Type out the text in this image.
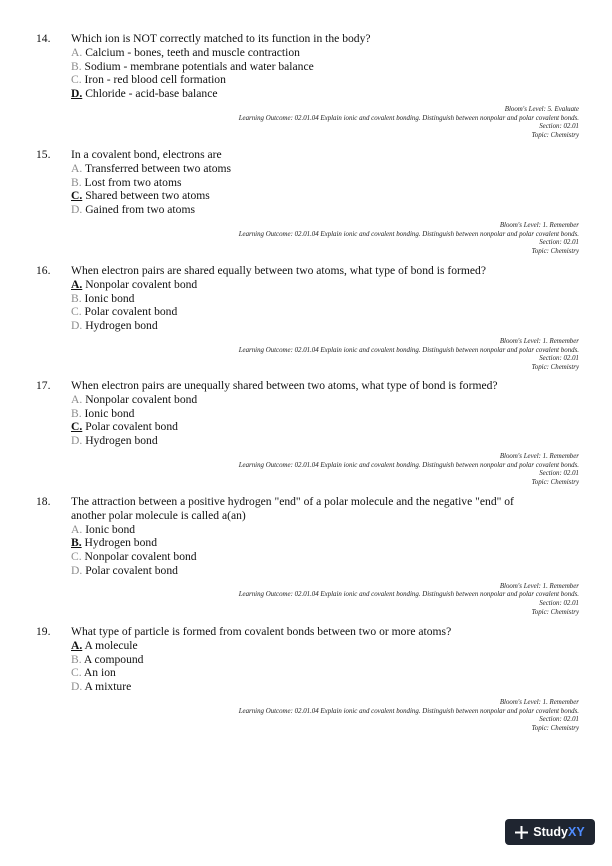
14. Which ion is NOT correctly matched to its function in the body?
A. Calcium - bones, teeth and muscle contraction
B. Sodium - membrane potentials and water balance
C. Iron - red blood cell formation
D. Chloride - acid-base balance
Bloom's Level: 5. Evaluate
Learning Outcome: 02.01.04 Explain ionic and covalent bonding. Distinguish between nonpolar and polar covalent bonds.
Section: 02.01
Topic: Chemistry
15. In a covalent bond, electrons are
A. Transferred between two atoms
B. Lost from two atoms
C. Shared between two atoms
D. Gained from two atoms
Bloom's Level: 1. Remember
Learning Outcome: 02.01.04 Explain ionic and covalent bonding. Distinguish between nonpolar and polar covalent bonds.
Section: 02.01
Topic: Chemistry
16. When electron pairs are shared equally between two atoms, what type of bond is formed?
A. Nonpolar covalent bond
B. Ionic bond
C. Polar covalent bond
D. Hydrogen bond
Bloom's Level: 1. Remember
Learning Outcome: 02.01.04 Explain ionic and covalent bonding. Distinguish between nonpolar and polar covalent bonds.
Section: 02.01
Topic: Chemistry
17. When electron pairs are unequally shared between two atoms, what type of bond is formed?
A. Nonpolar covalent bond
B. Ionic bond
C. Polar covalent bond
D. Hydrogen bond
Bloom's Level: 1. Remember
Learning Outcome: 02.01.04 Explain ionic and covalent bonding. Distinguish between nonpolar and polar covalent bonds.
Section: 02.01
Topic: Chemistry
18. The attraction between a positive hydrogen "end" of a polar molecule and the negative "end" of another polar molecule is called a(an)
A. Ionic bond
B. Hydrogen bond
C. Nonpolar covalent bond
D. Polar covalent bond
Bloom's Level: 1. Remember
Learning Outcome: 02.01.04 Explain ionic and covalent bonding. Distinguish between nonpolar and polar covalent bonds.
Section: 02.01
Topic: Chemistry
19. What type of particle is formed from covalent bonds between two or more atoms?
A. A molecule
B. A compound
C. An ion
D. A mixture
Bloom's Level: 1. Remember
Learning Outcome: 02.01.04 Explain ionic and covalent bonding. Distinguish between nonpolar and polar covalent bonds.
Section: 02.01
Topic: Chemistry
Study XY
